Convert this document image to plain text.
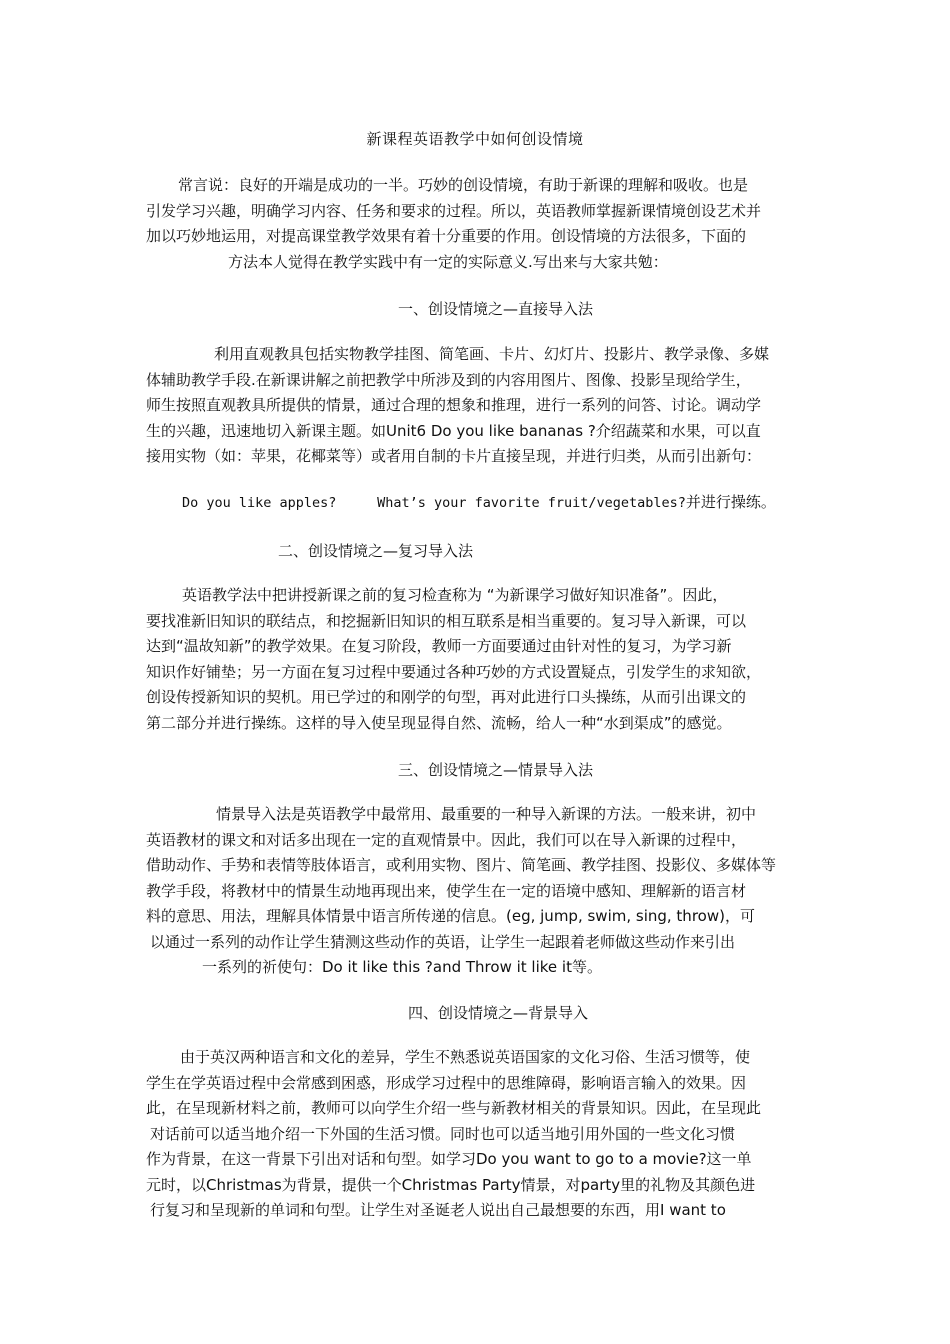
新课程英语教学中如何创设情境
常言说：良好的开端是成功的一半。巧妙的创设情境，有助于新课的理解和吸收。也是
引发学习兴趣，明确学习内容、任务和要求的过程。所以，英语教师掌握新课情境创设艺术并
加以巧妙地运用，对提高课堂教学效果有着十分重要的作用。创设情境的方法很多，下面的
方法本人觉得在教学实践中有一定的实际意义.写出来与大家共勉：
一、创设情境之—直接导入法
利用直观教具包括实物教学挂图、简笔画、卡片、幻灯片、投影片、教学录像、多媒
体辅助教学手段.在新课讲解之前把教学中所涉及到的内容用图片、图像、投影呈现给学生，
师生按照直观教具所提供的情景，通过合理的想象和推理，进行一系列的问答、讨论。调动学
生的兴趣，迅速地切入新课主题。如Unit6 Do you like bananas ?介绍蔬菜和水果，可以直
接用实物（如：苹果，花椰菜等）或者用自制的卡片直接呈现，并进行归类，从而引出新句：
Do you like apples?     What’s your favorite fruit/vegetables?并进行操练。
二、创设情境之—复习导入法
英语教学法中把讲授新课之前的复习检查称为 “为新课学习做好知识准备”。因此，
要找准新旧知识的联结点，和挖掘新旧知识的相互联系是相当重要的。复习导入新课，可以
达到“温故知新”的教学效果。在复习阶段，教师一方面要通过由针对性的复习，为学习新
知识作好铺垫；另一方面在复习过程中要通过各种巧妙的方式设置疑点，引发学生的求知欲，
创设传授新知识的契机。用已学过的和刚学的句型，再对此进行口头操练，从而引出课文的
第二部分并进行操练。这样的导入使呈现显得自然、流畅，给人一种“水到渠成”的感觉。
三、创设情境之—情景导入法
情景导入法是英语教学中最常用、最重要的一种导入新课的方法。一般来讲，初中
英语教材的课文和对话多出现在一定的直观情景中。因此，我们可以在导入新课的过程中，
借助动作、手势和表情等肢体语言，或利用实物、图片、简笔画、教学挂图、投影仪、多媒体等
教学手段，将教材中的情景生动地再现出来，使学生在一定的语境中感知、理解新的语言材
料的意思、用法，理解具体情景中语言所传递的信息。(eg, jump, swim, sing, throw)，可
以通过一系列的动作让学生猜测这些动作的英语，让学生一起跟着老师做这些动作来引出
一系列的祈使句：Do it like this ?and Throw it like it等。
四、创设情境之—背景导入
由于英汉两种语言和文化的差异，学生不熟悉说英语国家的文化习俗、生活习惯等，使
学生在学英语过程中会常感到困惑，形成学习过程中的思维障碍，影响语言输入的效果。因
此，在呈现新材料之前，教师可以向学生介绍一些与新教材相关的背景知识。因此，在呈现此
对话前可以适当地介绍一下外国的生活习惯。同时也可以适当地引用外国的一些文化习惯
作为背景，在这一背景下引出对话和句型。如学习Do you want to go to a movie?这一单
元时，以Christmas为背景，提供一个Christmas Party情景，对party里的礼物及其颜色进
行复习和呈现新的单词和句型。让学生对圣诞老人说出自己最想要的东西，用I want to
